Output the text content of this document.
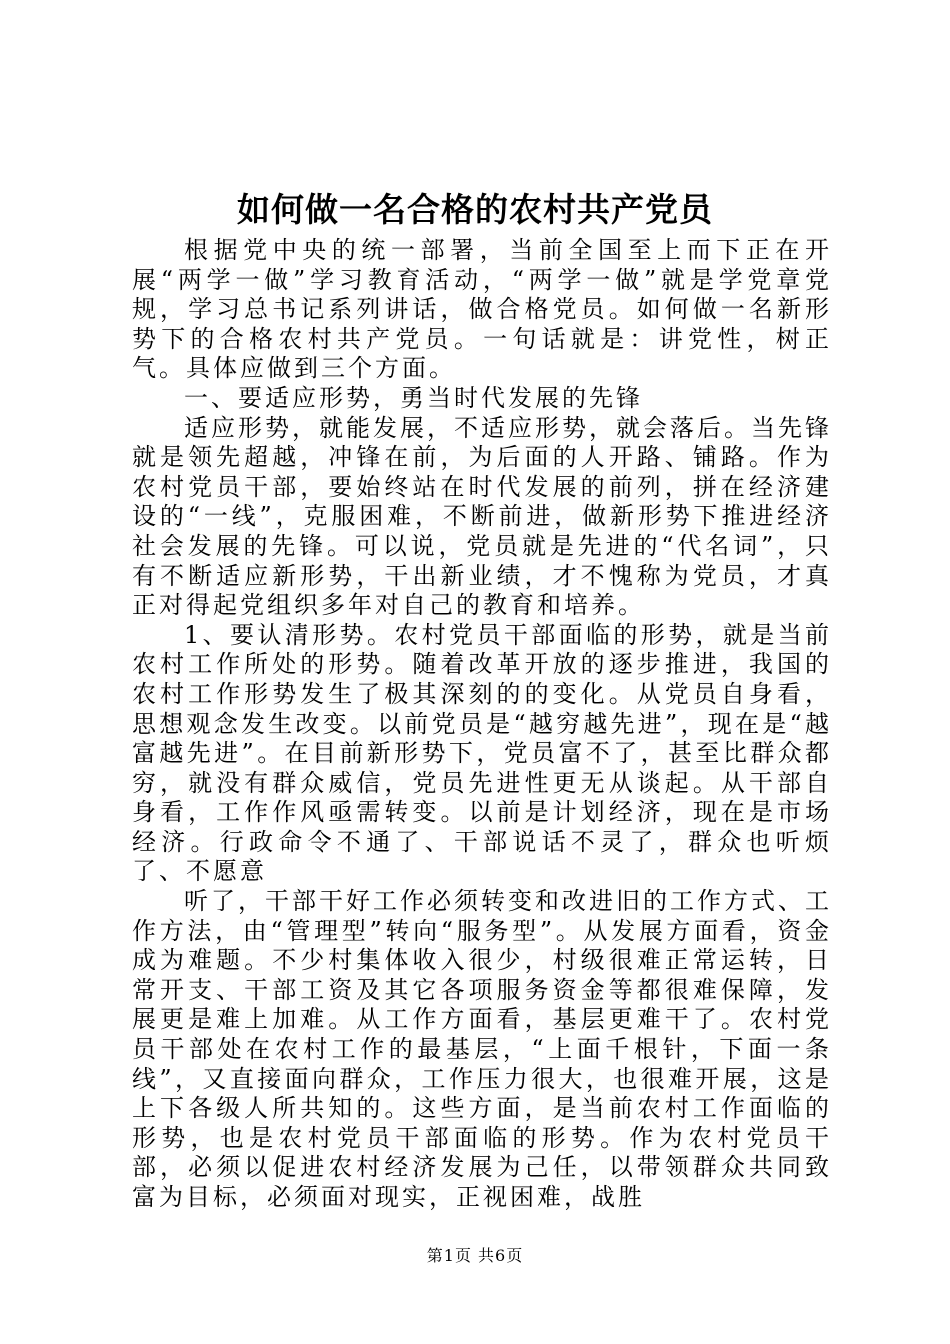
如何做一名合格的农村共产党员

根据党中央的统一部署，当前全国至上而下正在开展“两学一做”学习教育活动，“两学一做”就是学党章党规，学习总书记系列讲话，做合格党员。如何做一名新形势下的合格农村共产党员。一句话就是：讲党性，树正气。具体应做到三个方面。

一、要适应形势，勇当时代发展的先锋

适应形势，就能发展，不适应形势，就会落后。当先锋就是领先超越，冲锋在前，为后面的人开路、铺路。作为农村党员干部，要始终站在时代发展的前列，拼在经济建设的“一线”，克服困难，不断前进，做新形势下推进经济社会发展的先锋。可以说，党员就是先进的“代名词”，只有不断适应新形势，干出新业绩，才不愧称为党员，才真正对得起党组织多年对自己的教育和培养。

1、要认清形势。农村党员干部面临的形势，就是当前农村工作所处的形势。随着改革开放的逐步推进，我国的农村工作形势发生了极其深刻的的变化。从党员自身看，思想观念发生改变。以前党员是“越穷越先进”，现在是“越富越先进”。在目前新形势下，党员富不了，甚至比群众都穷，就没有群众威信，党员先进性更无从谈起。从干部自身看，工作作风亟需转变。以前是计划经济，现在是市场经济。行政命令不通了、干部说话不灵了，群众也听烦了、不愿意

听了，干部干好工作必须转变和改进旧的工作方式、工作方法，由“管理型”转向“服务型”。从发展方面看，资金成为难题。不少村集体收入很少，村级很难正常运转，日常开支、干部工资及其它各项服务资金等都很难保障，发展更是难上加难。从工作方面看，基层更难干了。农村党员干部处在农村工作的最基层，“上面千根针，下面一条线”，又直接面向群众，工作压力很大，也很难开展，这是上下各级人所共知的。这些方面，是当前农村工作面临的形势，也是农村党员干部面临的形势。作为农村党员干部，必须以促进农村经济发展为己任，以带领群众共同致富为目标，必须面对现实，正视困难，战胜

第1页 共6页
